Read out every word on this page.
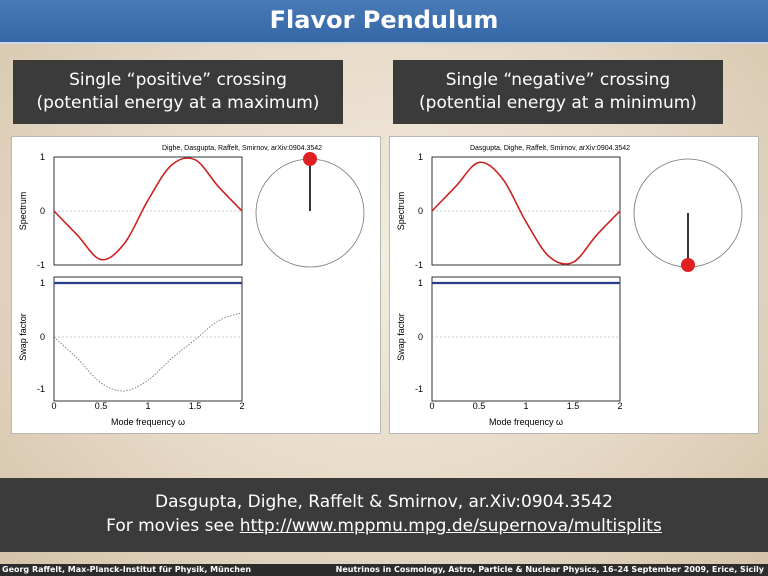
Flavor Pendulum
Single “positive” crossing
(potential energy at a maximum)
Single “negative” crossing
(potential energy at a minimum)
Dighe, Dasgupta, Raffelt, Smirnov, arXiv:0904.3542
1
0
-1
Spectrum
1
0
-1
Swap factor
0	0.5	1	1.5	2
Mode frequency ω
Dasgupta, Dighe, Raffelt, Smirnov, arXiv:0904.3542
1
0
-1
Spectrum
1
0
-1
Swap factor
0	0.5	1	1.5	2
Mode frequency ω
Dasgupta, Dighe, Raffelt & Smirnov, ar.Xiv:0904.3542
For movies see http://www.mppmu.mpg.de/supernova/multisplits
Georg Raffelt, Max-Planck-Institut für Physik, München	Neutrinos in Cosmology, Astro, Particle & Nuclear Physics, 16–24 September 2009, Erice, Sicily
